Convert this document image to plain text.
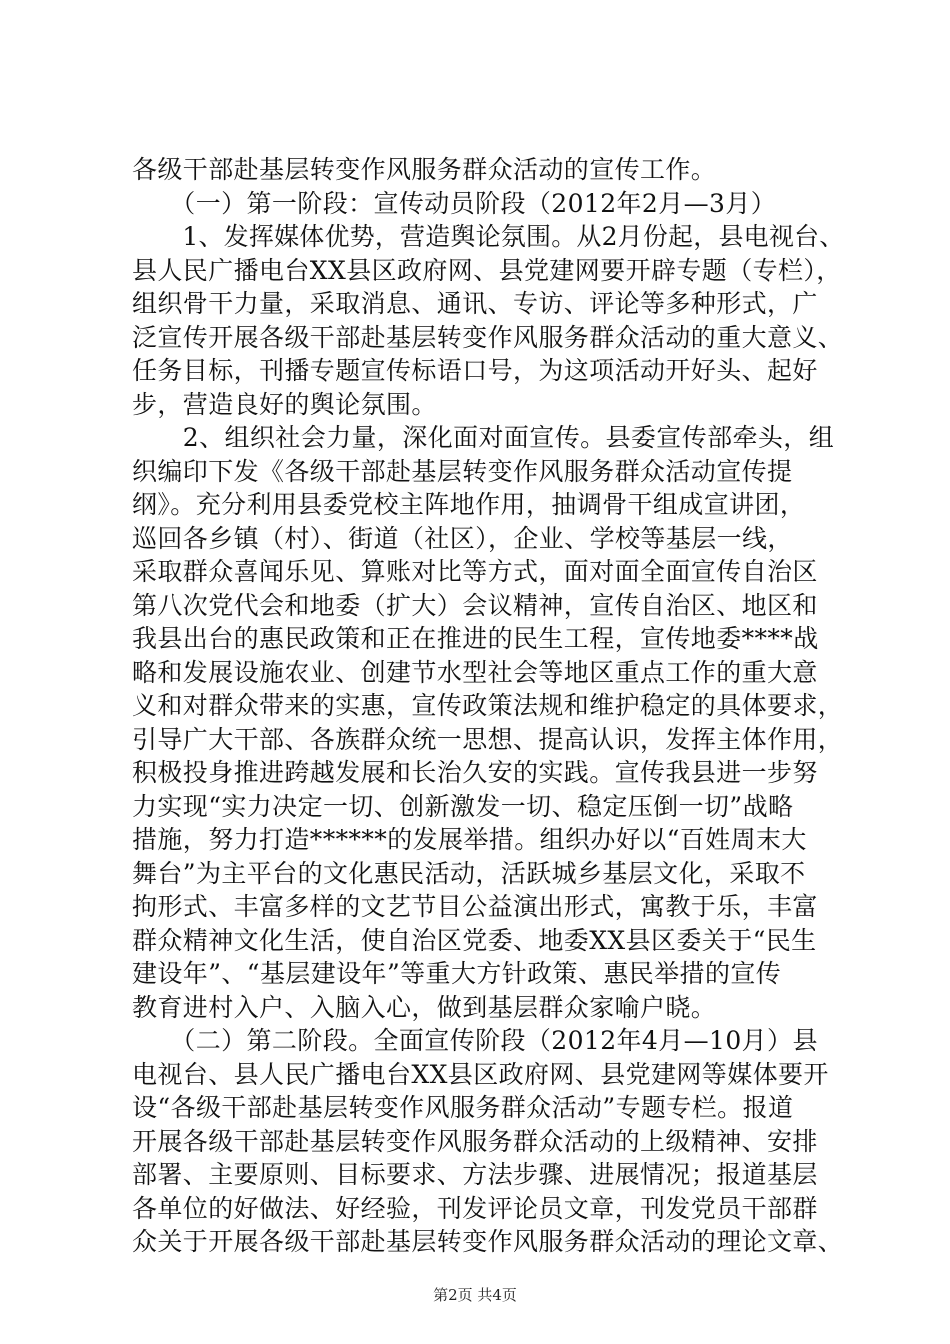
各级干部赴基层转变作风服务群众活动的宣传工作。
　　（一）第一阶段：宣传动员阶段（2012年2月—3月）
　　1、发挥媒体优势，营造舆论氛围。从2月份起，县电视台、
县人民广播电台XX县区政府网、县党建网要开辟专题（专栏），
组织骨干力量，采取消息、通讯、专访、评论等多种形式，广
泛宣传开展各级干部赴基层转变作风服务群众活动的重大意义、
任务目标，刊播专题宣传标语口号，为这项活动开好头、起好
步，营造良好的舆论氛围。
　　2、组织社会力量，深化面对面宣传。县委宣传部牵头，组
织编印下发《各级干部赴基层转变作风服务群众活动宣传提
纲》。充分利用县委党校主阵地作用，抽调骨干组成宣讲团，
巡回各乡镇（村）、街道（社区），企业、学校等基层一线，
采取群众喜闻乐见、算账对比等方式，面对面全面宣传自治区
第八次党代会和地委（扩大）会议精神，宣传自治区、地区和
我县出台的惠民政策和正在推进的民生工程，宣传地委****战
略和发展设施农业、创建节水型社会等地区重点工作的重大意
义和对群众带来的实惠，宣传政策法规和维护稳定的具体要求，
引导广大干部、各族群众统一思想、提高认识，发挥主体作用，
积极投身推进跨越发展和长治久安的实践。宣传我县进一步努
力实现“实力决定一切、创新激发一切、稳定压倒一切”战略
措施，努力打造******的发展举措。组织办好以“百姓周末大
舞台”为主平台的文化惠民活动，活跃城乡基层文化，采取不
拘形式、丰富多样的文艺节目公益演出形式，寓教于乐，丰富
群众精神文化生活，使自治区党委、地委XX县区委关于“民生
建设年”、“基层建设年”等重大方针政策、惠民举措的宣传
教育进村入户、入脑入心，做到基层群众家喻户晓。
　　（二）第二阶段。全面宣传阶段（2012年4月—10月）县
电视台、县人民广播电台XX县区政府网、县党建网等媒体要开
设“各级干部赴基层转变作风服务群众活动”专题专栏。报道
开展各级干部赴基层转变作风服务群众活动的上级精神、安排
部署、主要原则、目标要求、方法步骤、进展情况；报道基层
各单位的好做法、好经验，刊发评论员文章，刊发党员干部群
众关于开展各级干部赴基层转变作风服务群众活动的理论文章、
第2页 共4页
